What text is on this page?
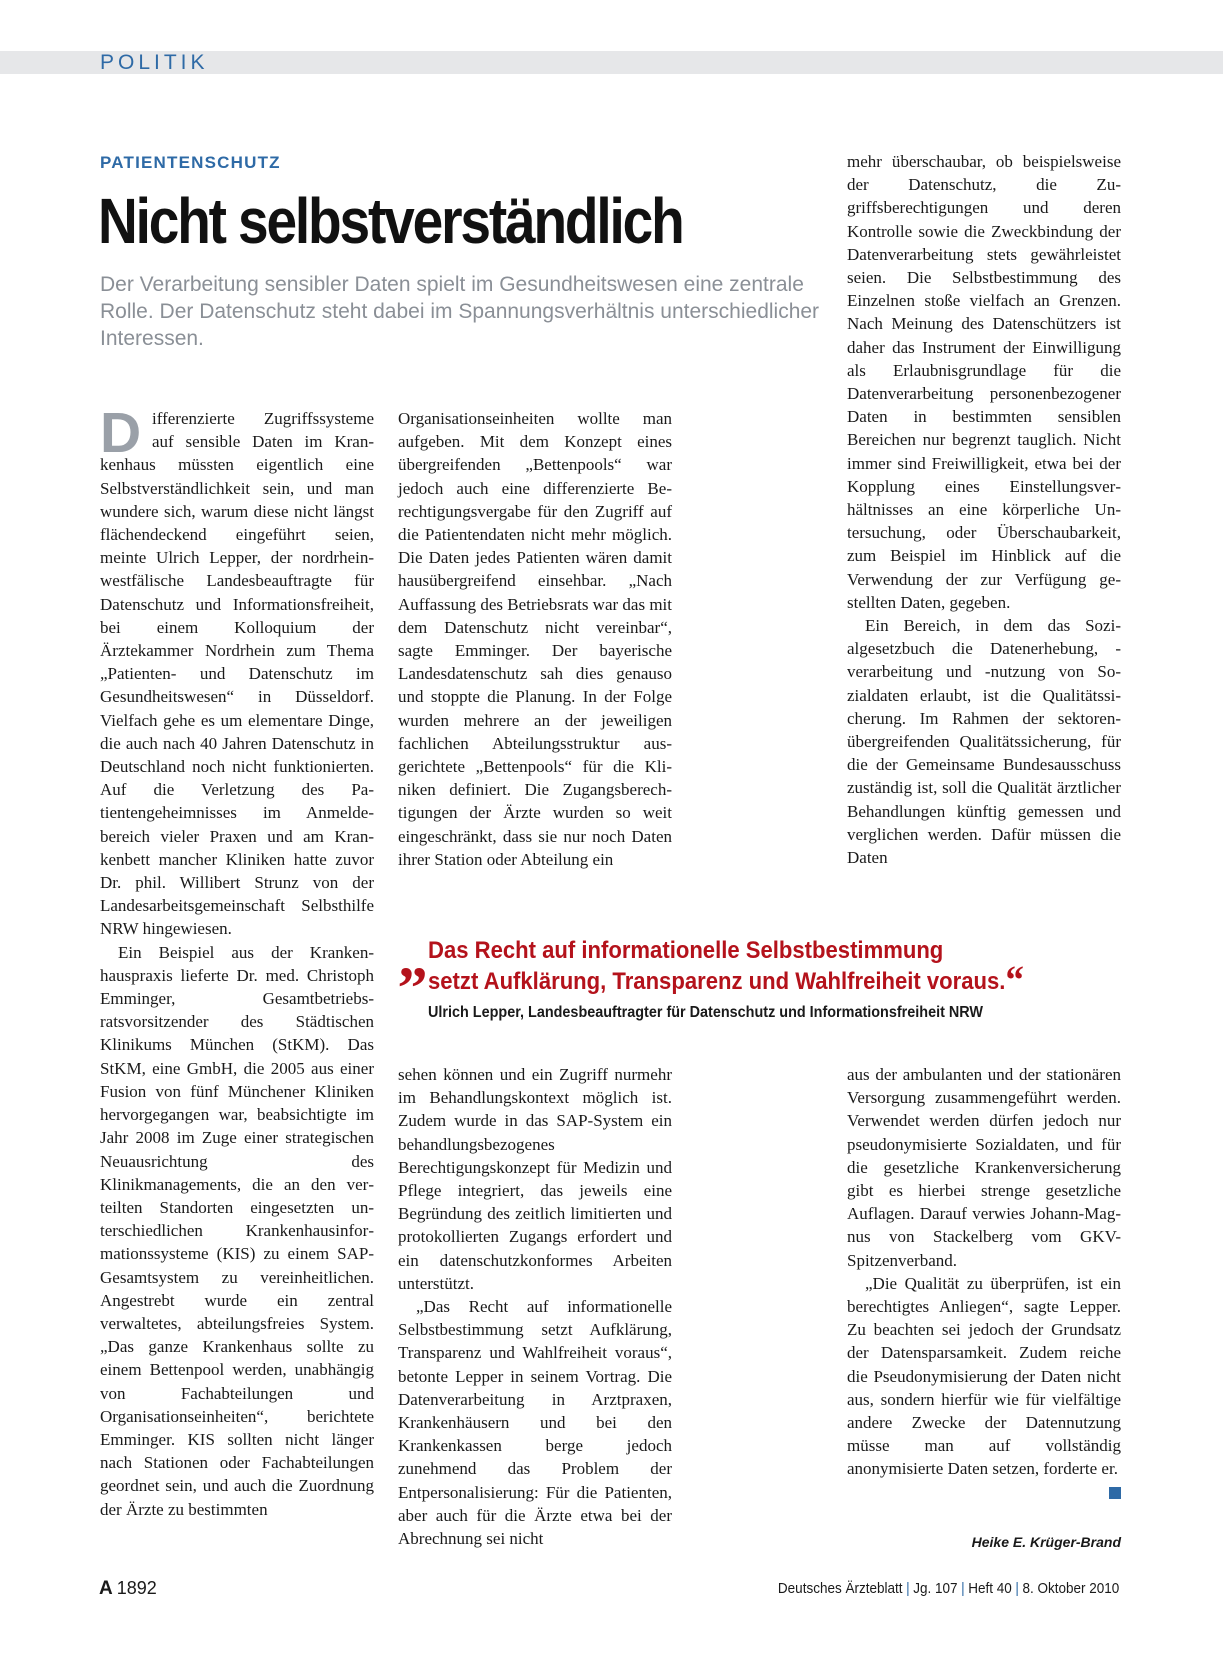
POLITIK
PATIENTENSCHUTZ
Nicht selbstverständlich
Der Verarbeitung sensibler Daten spielt im Gesundheitswesen eine zentrale Rolle. Der Datenschutz steht dabei im Spannungsverhältnis unterschiedlicher Interessen.

Differenzierte Zugriffssysteme auf sensible Daten im Krankenhaus müssten eigentlich eine Selbstverständlichkeit sein, und man wundere sich, warum diese nicht längst flächendeckend eingeführt seien, meinte Ulrich Lepper, der nordrhein-westfälische Landesbeauftragte für Datenschutz und Informationsfreiheit, bei einem Kolloquium der Ärztekammer Nordrhein zum Thema „Patienten- und Datenschutz im Gesundheitswesen“ in Düsseldorf. Vielfach gehe es um elementare Dinge, die auch nach 40 Jahren Datenschutz in Deutschland noch nicht funktionierten. Auf die Verletzung des Patientengeheimnisses im Anmeldebereich vieler Praxen und am Krankenbett mancher Kliniken hatte zuvor Dr. phil. Willibert Strunz von der Landesarbeitsgemeinschaft Selbsthilfe NRW hingewiesen.

Ein Beispiel aus der Krankenhauspraxis lieferte Dr. med. Christoph Emminger, Gesamtbetriebsratsvorsitzender des Städtischen Klinikums München (StKM). Das StKM, eine GmbH, die 2005 aus einer Fusion von fünf Münchener Kliniken hervorgegangen war, beabsichtigte im Jahr 2008 im Zuge einer strategischen Neuausrichtung des Klinikmanagements, die an den verteilten Standorten eingesetzten unterschiedlichen Krankenhausinformationssysteme (KIS) zu einem SAP-Gesamtsystem zu vereinheitlichen. Angestrebt wurde ein zentral verwaltetes, abteilungsfreies System. „Das ganze Krankenhaus sollte zu einem Bettenpool werden, unabhängig von Fachabteilungen und Organisationseinheiten“, berichtete Emminger. KIS sollten nicht länger nach Stationen oder Fachabteilungen geordnet sein, und auch die Zuordnung der Ärzte zu bestimmten

Organisationseinheiten wollte man aufgeben. Mit dem Konzept eines übergreifenden „Bettenpools“ war jedoch auch eine differenzierte Berechtigungsvergabe für den Zugriff auf die Patientendaten nicht mehr möglich. Die Daten jedes Patienten wären damit hausübergreifend einsehbar. „Nach Auffassung des Betriebsrats war das mit dem Datenschutz nicht vereinbar“, sagte Emminger. Der bayerische Landesdatenschutz sah dies genauso und stoppte die Planung. In der Folge wurden mehrere an der jeweiligen fachlichen Abteilungsstruktur ausgerichtete „Bettenpools“ für die Kliniken definiert. Die Zugangsberechtigungen der Ärzte wurden so weit eingeschränkt, dass sie nur noch Daten ihrer Station oder Abteilung ein

mehr überschaubar, ob beispielsweise der Datenschutz, die Zugriffsberechtigungen und deren Kontrolle sowie die Zweckbindung der Datenverarbeitung stets gewährleistet seien. Die Selbstbestimmung des Einzelnen stoße vielfach an Grenzen. Nach Meinung des Datenschützers ist daher das Instrument der Einwilligung als Erlaubnisgrundlage für die Datenverarbeitung personenbezogener Daten in bestimmten sensiblen Bereichen nur begrenzt tauglich. Nicht immer sind Freiwilligkeit, etwa bei der Kopplung eines Einstellungsverhältnisses an eine körperliche Untersuchung, oder Überschaubarkeit, zum Beispiel im Hinblick auf die Verwendung der zur Verfügung gestellten Daten, gegeben.

Ein Bereich, in dem das Sozialgesetzbuch die Datenerhebung, -verarbeitung und -nutzung von Sozialdaten erlaubt, ist die Qualitätssicherung. Im Rahmen der sektorenübergreifenden Qualitätssicherung, für die der Gemeinsame Bundesausschuss zuständig ist, soll die Qualität ärztlicher Behandlungen künftig gemessen und verglichen werden. Dafür müssen die Daten

„ Das Recht auf informationelle Selbstbestimmung
setzt Aufklärung, Transparenz und Wahlfreiheit voraus.“
Ulrich Lepper, Landesbeauftragter für Datenschutz und Informationsfreiheit NRW

sehen können und ein Zugriff nurmehr im Behandlungskontext möglich ist. Zudem wurde in das SAP-System ein behandlungsbezogenes Berechtigungskonzept für Medizin und Pflege integriert, das jeweils eine Begründung des zeitlich limitierten und protokollierten Zugangs erfordert und ein datenschutzkonformes Arbeiten unterstützt.

„Das Recht auf informationelle Selbstbestimmung setzt Aufklärung, Transparenz und Wahlfreiheit voraus“, betonte Lepper in seinem Vortrag. Die Datenverarbeitung in Arztpraxen, Krankenhäusern und bei den Krankenkassen berge jedoch zunehmend das Problem der Entpersonalisierung: Für die Patienten, aber auch für die Ärzte etwa bei der Abrechnung sei nicht

aus der ambulanten und der stationären Versorgung zusammengeführt werden. Verwendet werden dürfen jedoch nur pseudonymisierte Sozialdaten, und für die gesetzliche Krankenversicherung gibt es hierbei strenge gesetzliche Auflagen. Darauf verwies Johann-Magnus von Stackelberg vom GKV-Spitzenverband.

„Die Qualität zu überprüfen, ist ein berechtigtes Anliegen“, sagte Lepper. Zu beachten sei jedoch der Grundsatz der Datensparsamkeit. Zudem reiche die Pseudonymisierung der Daten nicht aus, sondern hierfür wie für vielfältige andere Zwecke der Datennutzung müsse man auf vollständig anonymisierte Daten setzen, forderte er.

Heike E. Krüger-Brand
A 1892	Deutsches Ärzteblatt | Jg. 107 | Heft 40 | 8. Oktober 2010
